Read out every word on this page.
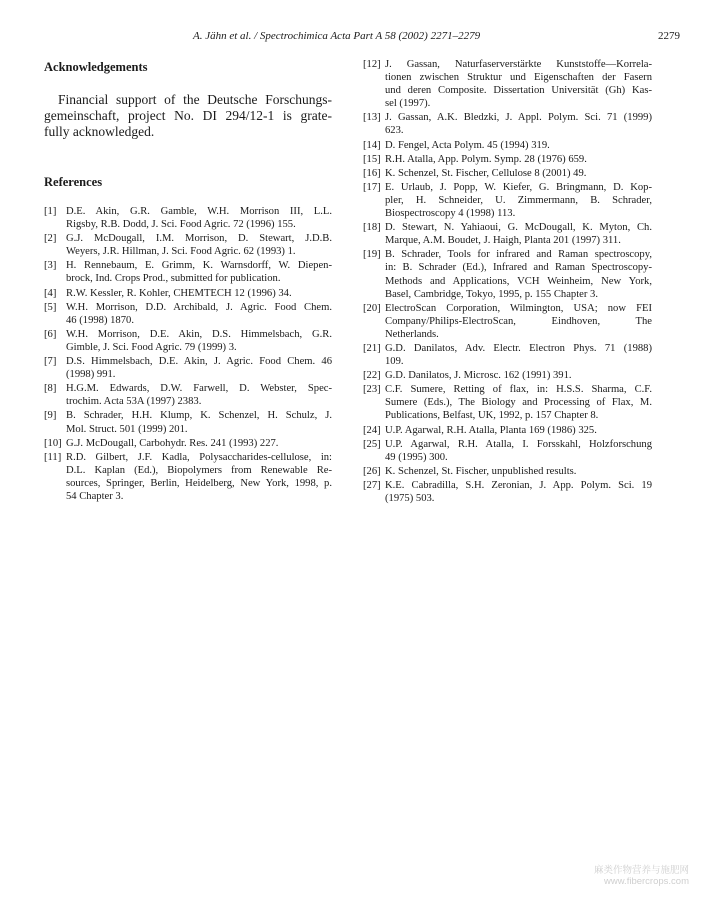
A. Jähn et al. / Spectrochimica Acta Part A 58 (2002) 2271–2279	2279
Acknowledgements
Financial support of the Deutsche Forschungs-
gemeinschaft, project No. DI 294/12-1 is grate-
fully acknowledged.
References
[1] D.E. Akin, G.R. Gamble, W.H. Morrison III, L.L.
Rigsby, R.B. Dodd, J. Sci. Food Agric. 72 (1996) 155.
[2] G.J. McDougall, I.M. Morrison, D. Stewart, J.D.B.
Weyers, J.R. Hillman, J. Sci. Food Agric. 62 (1993) 1.
[3] H. Rennebaum, E. Grimm, K. Warnsdorff, W. Diepen-
brock, Ind. Crops Prod., submitted for publication.
[4] R.W. Kessler, R. Kohler, CHEMTECH 12 (1996) 34.
[5] W.H. Morrison, D.D. Archibald, J. Agric. Food Chem.
46 (1998) 1870.
[6] W.H. Morrison, D.E. Akin, D.S. Himmelsbach, G.R.
Gimble, J. Sci. Food Agric. 79 (1999) 3.
[7] D.S. Himmelsbach, D.E. Akin, J. Agric. Food Chem. 46
(1998) 991.
[8] H.G.M. Edwards, D.W. Farwell, D. Webster, Spec-
trochim. Acta 53A (1997) 2383.
[9] B. Schrader, H.H. Klump, K. Schenzel, H. Schulz, J.
Mol. Struct. 501 (1999) 201.
[10] G.J. McDougall, Carbohydr. Res. 241 (1993) 227.
[11] R.D. Gilbert, J.F. Kadla, Polysaccharides-cellulose, in:
D.L. Kaplan (Ed.), Biopolymers from Renewable Re-
sources, Springer, Berlin, Heidelberg, New York, 1998, p.
54 Chapter 3.
[12] J. Gassan, Naturfaserverstärkte Kunststoffe—Korrela-
tionen zwischen Struktur und Eigenschaften der Fasern
und deren Composite. Dissertation Universität (Gh) Kas-
sel (1997).
[13] J. Gassan, A.K. Bledzki, J. Appl. Polym. Sci. 71 (1999)
623.
[14] D. Fengel, Acta Polym. 45 (1994) 319.
[15] R.H. Atalla, App. Polym. Symp. 28 (1976) 659.
[16] K. Schenzel, St. Fischer, Cellulose 8 (2001) 49.
[17] E. Urlaub, J. Popp, W. Kiefer, G. Bringmann, D. Kop-
pler, H. Schneider, U. Zimmermann, B. Schrader,
Biospectroscopy 4 (1998) 113.
[18] D. Stewart, N. Yahiaoui, G. McDougall, K. Myton, Ch.
Marque, A.M. Boudet, J. Haigh, Planta 201 (1997) 311.
[19] B. Schrader, Tools for infrared and Raman spectroscopy,
in: B. Schrader (Ed.), Infrared and Raman Spectroscopy-
Methods and Applications, VCH Weinheim, New York,
Basel, Cambridge, Tokyo, 1995, p. 155 Chapter 3.
[20] ElectroScan Corporation, Wilmington, USA; now FEI
Company/Philips-ElectroScan, Eindhoven, The
Netherlands.
[21] G.D. Danilatos, Adv. Electr. Electron Phys. 71 (1988)
109.
[22] G.D. Danilatos, J. Microsc. 162 (1991) 391.
[23] C.F. Sumere, Retting of flax, in: H.S.S. Sharma, C.F.
Sumere (Eds.), The Biology and Processing of Flax, M.
Publications, Belfast, UK, 1992, p. 157 Chapter 8.
[24] U.P. Agarwal, R.H. Atalla, Planta 169 (1986) 325.
[25] U.P. Agarwal, R.H. Atalla, I. Forsskahl, Holzforschung
49 (1995) 300.
[26] K. Schenzel, St. Fischer, unpublished results.
[27] K.E. Cabradilla, S.H. Zeronian, J. App. Polym. Sci. 19
(1975) 503.
麻类作物营养与施肥网
www.fibercrops.com
